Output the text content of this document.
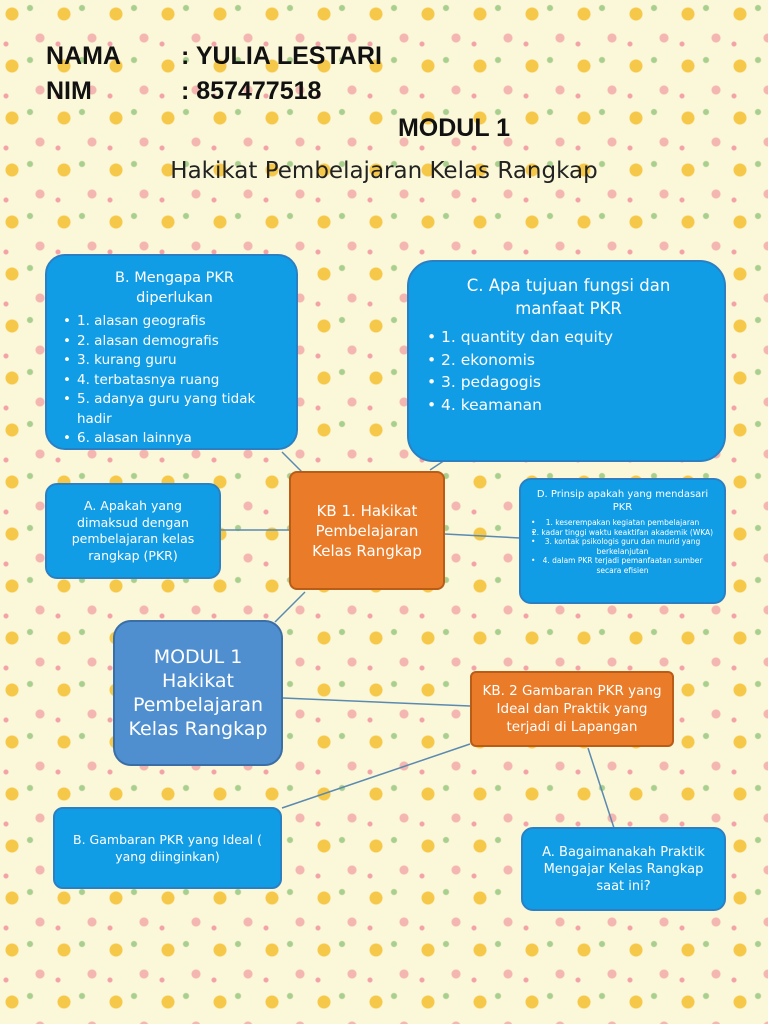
NAMA : YULIA LESTARI
NIM	: 857477518
MODUL 1
Hakikat Pembelajaran Kelas Rangkap
B. Mengapa PKR diperlukan
• 1. alasan geografis
• 2. alasan demografis
• 3. kurang guru
• 4. terbatasnya ruang
• 5. adanya guru yang tidak hadir
• 6. alasan lainnya
C. Apa tujuan fungsi dan manfaat PKR
• 1. quantity dan equity
• 2. ekonomis
• 3. pedagogis
• 4. keamanan
A. Apakah yang dimaksud dengan pembelajaran kelas rangkap (PKR)
KB 1. Hakikat Pembelajaran Kelas Rangkap
D. Prinsip apakah yang mendasari PKR
• 1. keserempakan kegiatan pembelajaran
• 2. kadar tinggi waktu keaktifan akademik (WKA)
• 3. kontak psikologis guru dan murid yang berkelanjutan
• 4. dalam PKR terjadi pemanfaatan sumber secara efisien
MODUL 1 Hakikat Pembelajaran Kelas Rangkap
KB. 2 Gambaran PKR yang Ideal dan Praktik yang terjadi di Lapangan
B. Gambaran PKR yang Ideal ( yang diinginkan)	A. Bagaimanakah Praktik Mengajar Kelas Rangkap saat ini?
